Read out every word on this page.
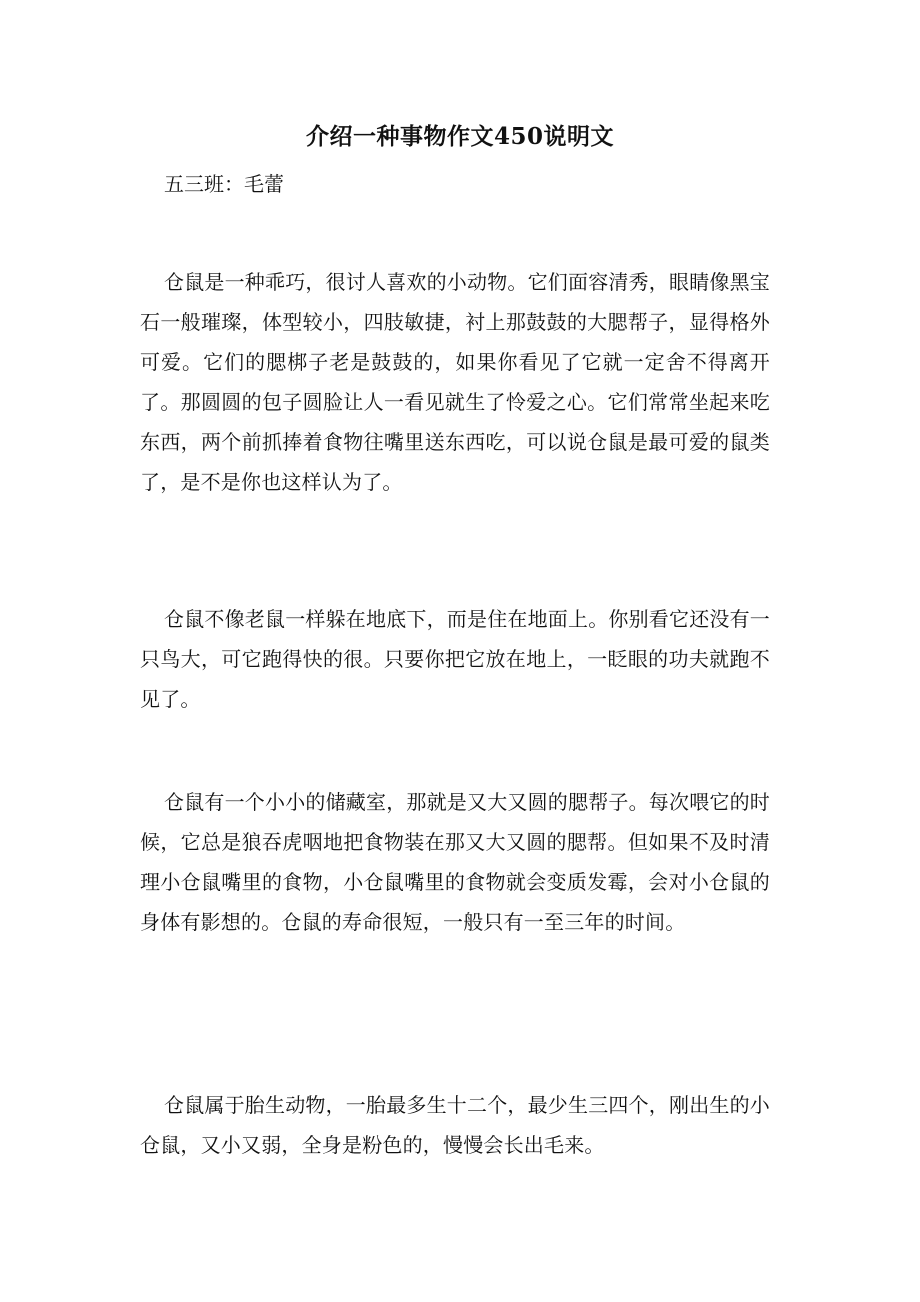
介绍一种事物作文450说明文
五三班：毛蕾

仓鼠是一种乖巧，很讨人喜欢的小动物。它们面容清秀，眼睛像黑宝石一般璀璨，体型较小，四肢敏捷，衬上那鼓鼓的大腮帮子，显得格外可爱。它们的腮梆子老是鼓鼓的，如果你看见了它就一定舍不得离开了。那圆圆的包子圆脸让人一看见就生了怜爱之心。它们常常坐起来吃东西，两个前抓捧着食物往嘴里送东西吃，可以说仓鼠是最可爱的鼠类了，是不是你也这样认为了。

仓鼠不像老鼠一样躲在地底下，而是住在地面上。你别看它还没有一只鸟大，可它跑得快的很。只要你把它放在地上，一眨眼的功夫就跑不见了。

仓鼠有一个小小的储藏室，那就是又大又圆的腮帮子。每次喂它的时候，它总是狼吞虎咽地把食物装在那又大又圆的腮帮。但如果不及时清理小仓鼠嘴里的食物，小仓鼠嘴里的食物就会变质发霉，会对小仓鼠的身体有影想的。仓鼠的寿命很短，一般只有一至三年的时间。

仓鼠属于胎生动物，一胎最多生十二个，最少生三四个，刚出生的小仓鼠，又小又弱，全身是粉色的，慢慢会长出毛来。
